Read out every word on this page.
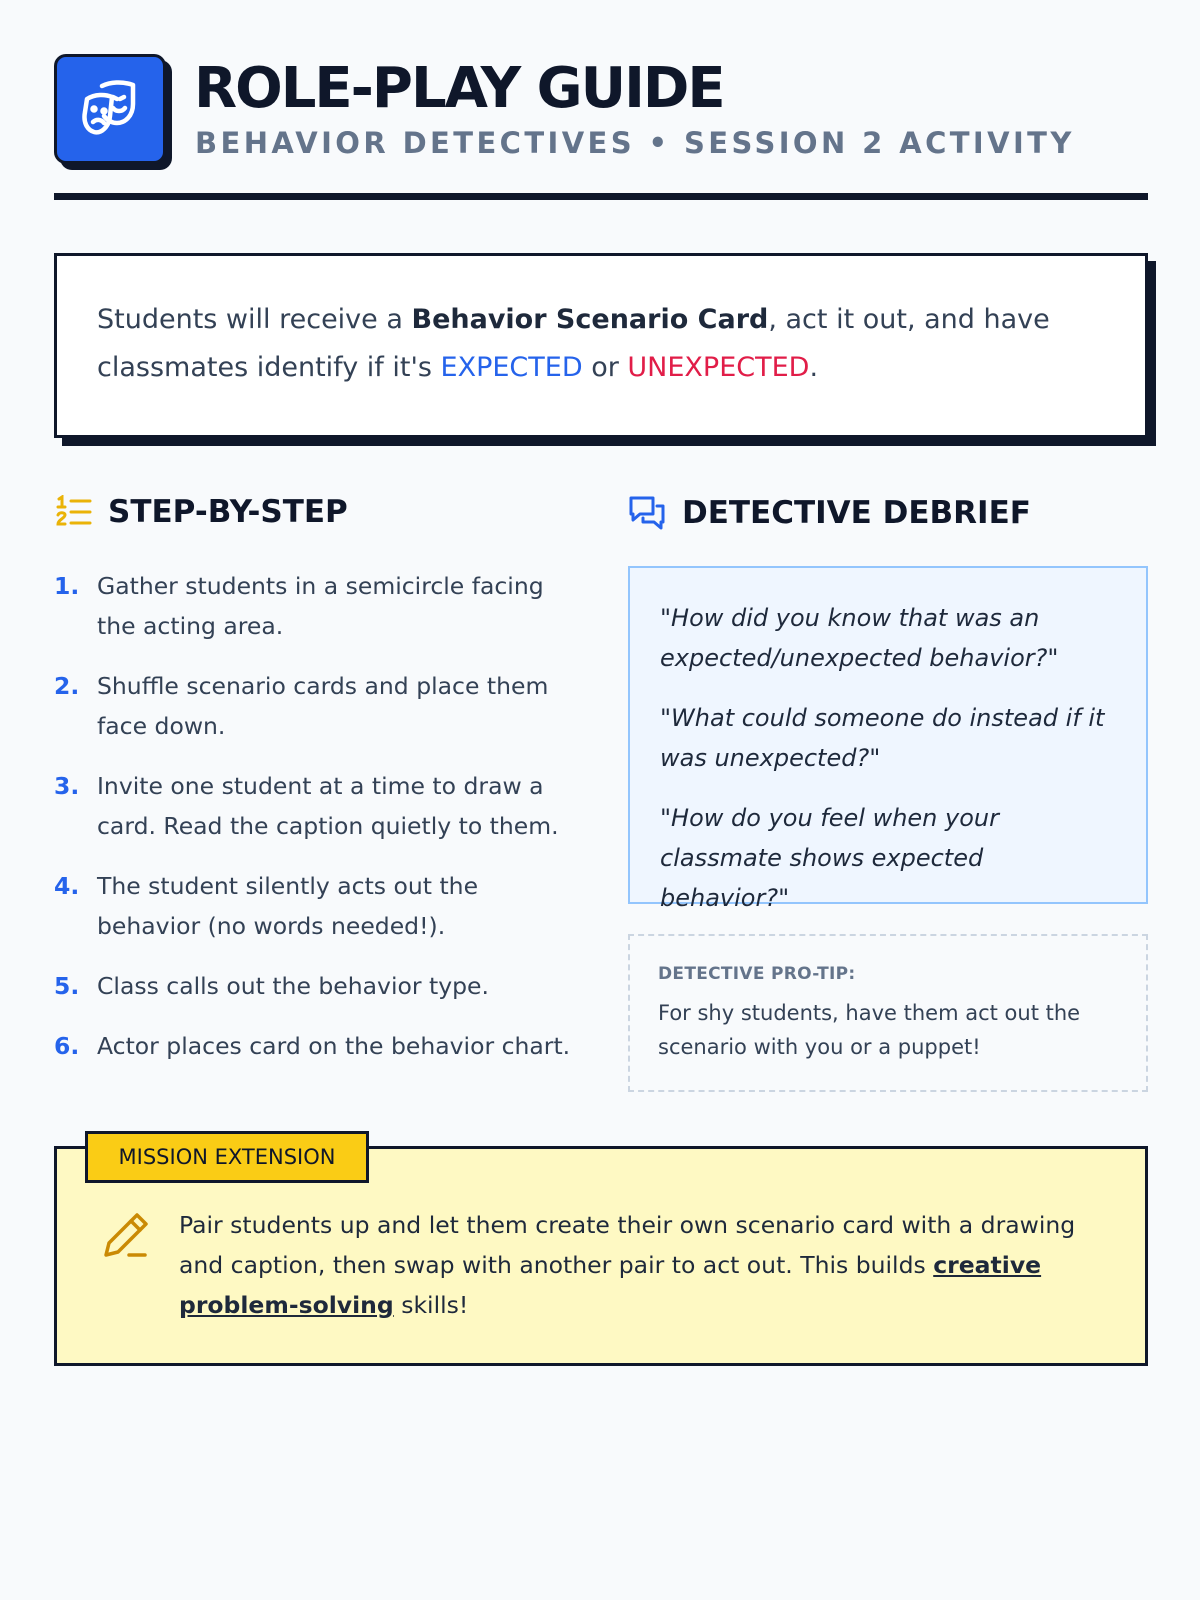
ROLE-PLAY GUIDE
BEHAVIOR DETECTIVES • SESSION 2 ACTIVITY
Students will receive a Behavior Scenario Card, act it out, and have classmates identify if it's EXPECTED or UNEXPECTED.
STEP-BY-STEP
1. Gather students in a semicircle facing the acting area.
2. Shuffle scenario cards and place them face down.
3. Invite one student at a time to draw a card. Read the caption quietly to them.
4. The student silently acts out the behavior (no words needed!).
5. Class calls out the behavior type.
6. Actor places card on the behavior chart.
DETECTIVE DEBRIEF

"How did you know that was an expected/unexpected behavior?"

"What could someone do instead if it was unexpected?"

"How do you feel when your classmate shows expected behavior?"

DETECTIVE PRO-TIP:
For shy students, have them act out the scenario with you or a puppet!
MISSION EXTENSION
Pair students up and let them create their own scenario card with a drawing and caption, then swap with another pair to act out. This builds creative problem-solving skills!
